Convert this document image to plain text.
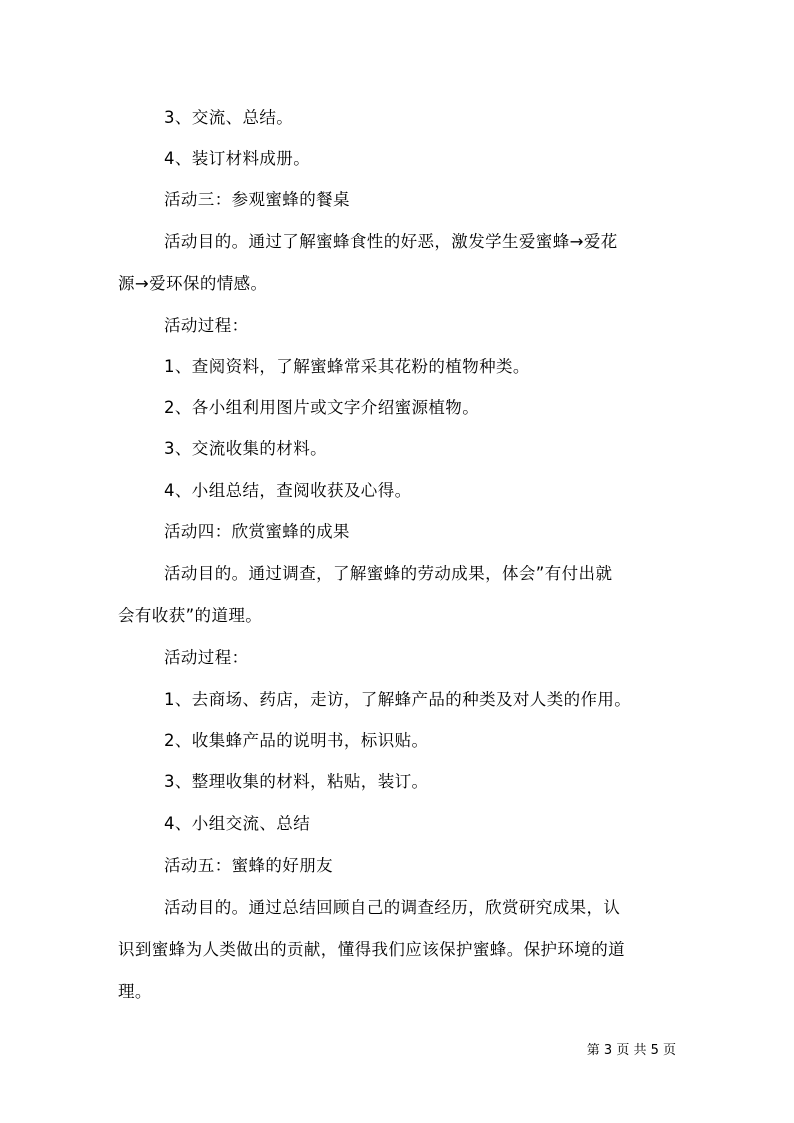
3、交流、总结。
4、装订材料成册。
活动三：参观蜜蜂的餐桌
活动目的。通过了解蜜蜂食性的好恶，激发学生爱蜜蜂→爱花
源→爱环保的情感。
活动过程：
1、查阅资料，了解蜜蜂常采其花粉的植物种类。
2、各小组利用图片或文字介绍蜜源植物。
3、交流收集的材料。
4、小组总结，查阅收获及心得。
活动四：欣赏蜜蜂的成果
活动目的。通过调查，了解蜜蜂的劳动成果，体会”有付出就
会有收获”的道理。
活动过程：
1、去商场、药店，走访，了解蜂产品的种类及对人类的作用。
2、收集蜂产品的说明书，标识贴。
3、整理收集的材料，粘贴，装订。
4、小组交流、总结
活动五：蜜蜂的好朋友
活动目的。通过总结回顾自己的调查经历，欣赏研究成果，认
识到蜜蜂为人类做出的贡献，懂得我们应该保护蜜蜂。保护环境的道
理。
第 3 页 共 5 页
